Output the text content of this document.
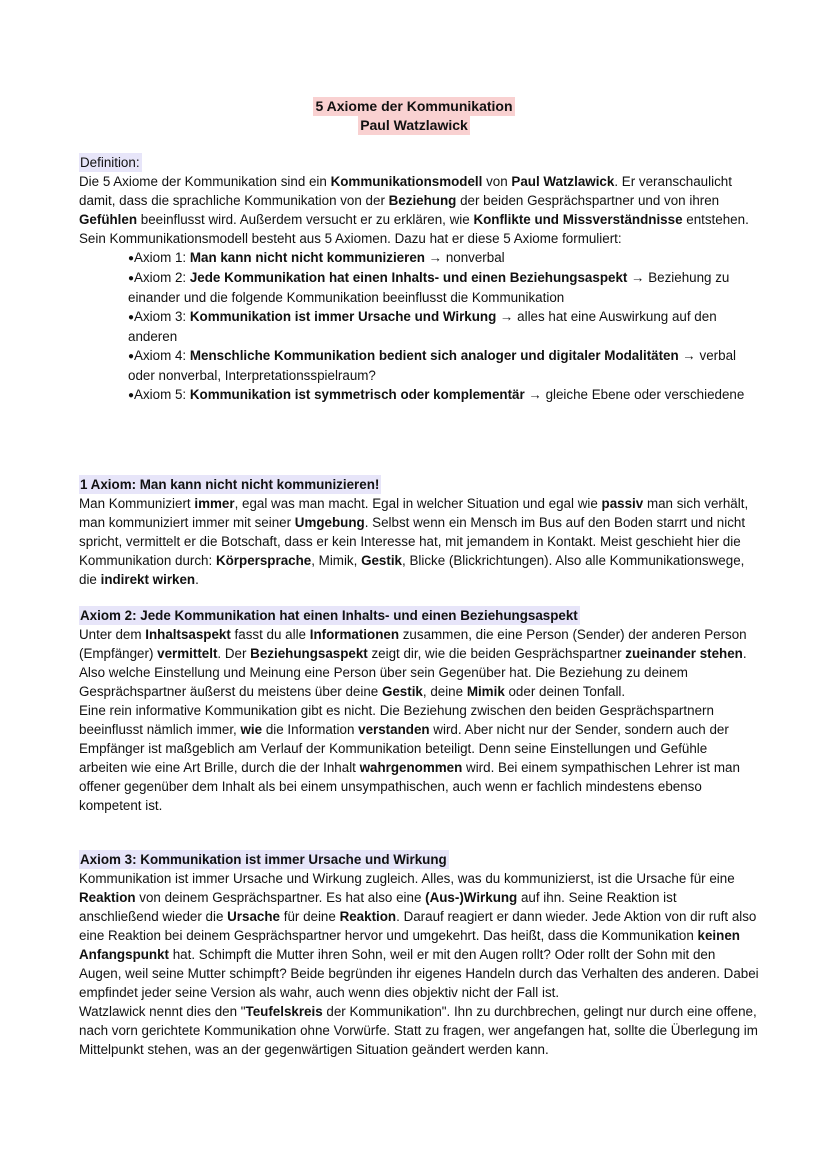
5 Axiome der Kommunikation
Paul Watzlawick
Definition:

Die 5 Axiome der Kommunikation sind ein Kommunikationsmodell von Paul Watzlawick. Er veranschaulicht damit, dass die sprachliche Kommunikation von der Beziehung der beiden Gesprächspartner und von ihren Gefühlen beeinflusst wird. Außerdem versucht er zu erklären, wie Konflikte und Missverständnisse entstehen. Sein Kommunikationsmodell besteht aus 5 Axiomen. Dazu hat er diese 5 Axiome formuliert:

●Axiom 1: Man kann nicht nicht kommunizieren → nonverbal
●Axiom 2: Jede Kommunikation hat einen Inhalts- und einen Beziehungsaspekt → Beziehung zu einander und die folgende Kommunikation beeinflusst die Kommunikation
●Axiom 3: Kommunikation ist immer Ursache und Wirkung → alles hat eine Auswirkung auf den anderen
●Axiom 4: Menschliche Kommunikation bedient sich analoger und digitaler Modalitäten → verbal oder nonverbal, Interpretationsspielraum?
●Axiom 5: Kommunikation ist symmetrisch oder komplementär → gleiche Ebene oder verschiedene
1 Axiom: Man kann nicht nicht kommunizieren!

Man Kommuniziert immer, egal was man macht. Egal in welcher Situation und egal wie passiv man sich verhält, man kommuniziert immer mit seiner Umgebung. Selbst wenn ein Mensch im Bus auf den Boden starrt und nicht spricht, vermittelt er die Botschaft, dass er kein Interesse hat, mit jemandem in Kontakt. Meist geschieht hier die Kommunikation durch: Körpersprache, Mimik, Gestik, Blicke (Blickrichtungen). Also alle Kommunikationswege, die indirekt wirken.

Axiom 2: Jede Kommunikation hat einen Inhalts- und einen Beziehungsaspekt

Unter dem Inhaltsaspekt fasst du alle Informationen zusammen, die eine Person (Sender) der anderen Person (Empfänger) vermittelt. Der Beziehungsaspekt zeigt dir, wie die beiden Gesprächspartner zueinander stehen. Also welche Einstellung und Meinung eine Person über sein Gegenüber hat. Die Beziehung zu deinem Gesprächspartner äußerst du meistens über deine Gestik, deine Mimik oder deinen Tonfall.

Eine rein informative Kommunikation gibt es nicht. Die Beziehung zwischen den beiden Gesprächspartnern beeinflusst nämlich immer, wie die Information verstanden wird. Aber nicht nur der Sender, sondern auch der Empfänger ist maßgeblich am Verlauf der Kommunikation beteiligt. Denn seine Einstellungen und Gefühle arbeiten wie eine Art Brille, durch die der Inhalt wahrgenommen wird. Bei einem sympathischen Lehrer ist man offener gegenüber dem Inhalt als bei einem unsympathischen, auch wenn er fachlich mindestens ebenso kompetent ist.

Axiom 3: Kommunikation ist immer Ursache und Wirkung

Kommunikation ist immer Ursache und Wirkung zugleich. Alles, was du kommunizierst, ist die Ursache für eine Reaktion von deinem Gesprächspartner. Es hat also eine (Aus-)Wirkung auf ihn. Seine Reaktion ist anschließend wieder die Ursache für deine Reaktion. Darauf reagiert er dann wieder. Jede Aktion von dir ruft also eine Reaktion bei deinem Gesprächspartner hervor und umgekehrt. Das heißt, dass die Kommunikation keinen Anfangspunkt hat. Schimpft die Mutter ihren Sohn, weil er mit den Augen rollt? Oder rollt der Sohn mit den Augen, weil seine Mutter schimpft? Beide begründen ihr eigenes Handeln durch das Verhalten des anderen. Dabei empfindet jeder seine Version als wahr, auch wenn dies objektiv nicht der Fall ist.

Watzlawick nennt dies den "Teufelskreis der Kommunikation". Ihn zu durchbrechen, gelingt nur durch eine offene, nach vorn gerichtete Kommunikation ohne Vorwürfe. Statt zu fragen, wer angefangen hat, sollte die Überlegung im Mittelpunkt stehen, was an der gegenwärtigen Situation geändert werden kann.
